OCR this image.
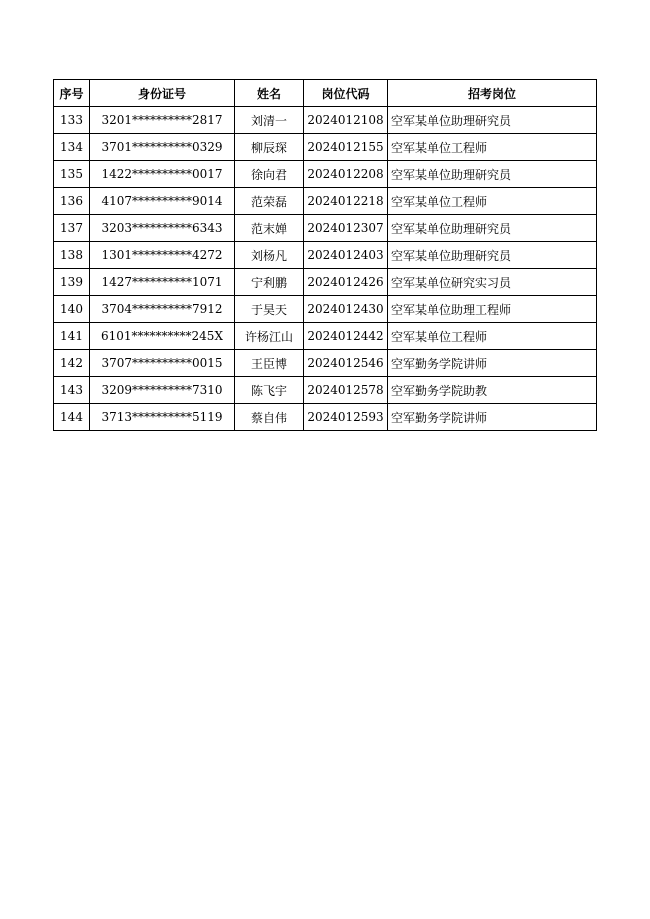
序号	身份证号	姓名	岗位代码	招考岗位
133	3201**********2817	刘清一	2024012108	空军某单位助理研究员
134	3701**********0329	柳辰琛	2024012155	空军某单位工程师
135	1422**********0017	徐向君	2024012208	空军某单位助理研究员
136	4107**********9014	范荣磊	2024012218	空军某单位工程师
137	3203**********6343	范末婵	2024012307	空军某单位助理研究员
138	1301**********4272	刘杨凡	2024012403	空军某单位助理研究员
139	1427**********1071	宁利鹏	2024012426	空军某单位研究实习员
140	3704**********7912	于昊天	2024012430	空军某单位助理工程师
141	6101**********245X	许杨江山	2024012442	空军某单位工程师
142	3707**********0015	王臣博	2024012546	空军勤务学院讲师
143	3209**********7310	陈飞宇	2024012578	空军勤务学院助教
144	3713**********5119	蔡自伟	2024012593	空军勤务学院讲师
